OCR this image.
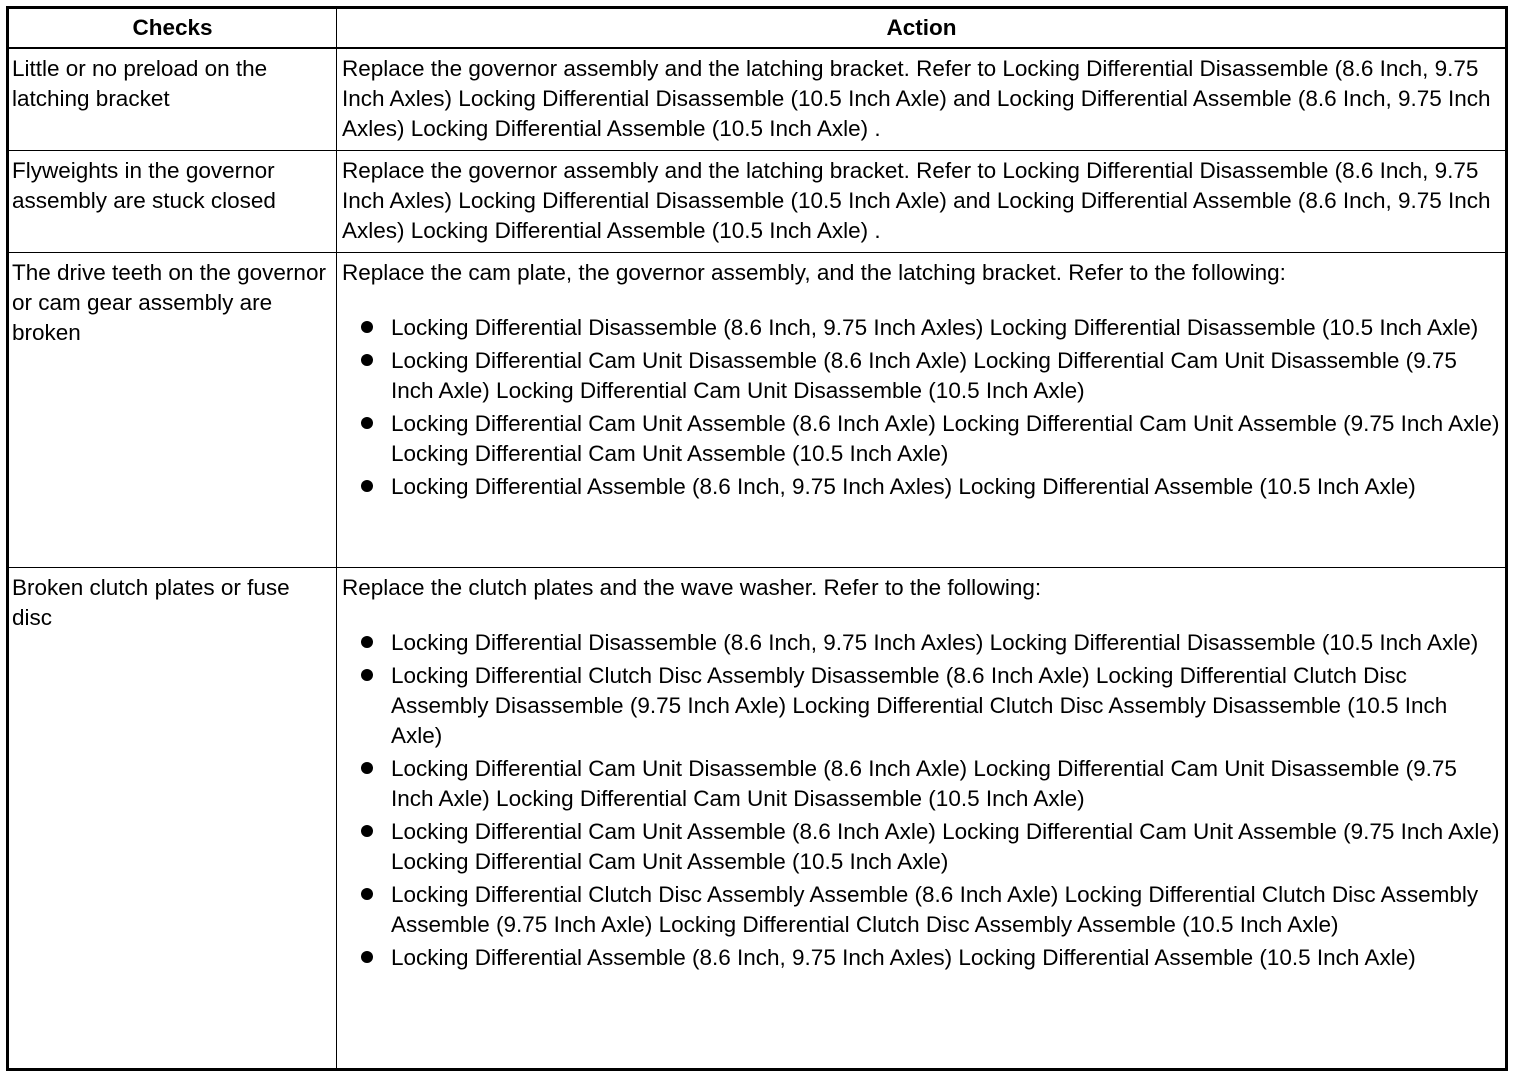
Checks	Action
Little or no preload on the latching bracket
Replace the governor assembly and the latching bracket. Refer to Locking Differential Disassemble (8.6 Inch, 9.75 Inch Axles) Locking Differential Disassemble (10.5 Inch Axle) and Locking Differential Assemble (8.6 Inch, 9.75 Inch Axles) Locking Differential Assemble (10.5 Inch Axle) .
Flyweights in the governor assembly are stuck closed
Replace the governor assembly and the latching bracket. Refer to Locking Differential Disassemble (8.6 Inch, 9.75 Inch Axles) Locking Differential Disassemble (10.5 Inch Axle) and Locking Differential Assemble (8.6 Inch, 9.75 Inch Axles) Locking Differential Assemble (10.5 Inch Axle) .
The drive teeth on the governor or cam gear assembly are broken

Replace the cam plate, the governor assembly, and the latching bracket. Refer to the following:

Locking Differential Disassemble (8.6 Inch, 9.75 Inch Axles) Locking Differential Disassemble (10.5 Inch Axle)
Locking Differential Cam Unit Disassemble (8.6 Inch Axle) Locking Differential Cam Unit Disassemble (9.75 Inch Axle) Locking Differential Cam Unit Disassemble (10.5 Inch Axle)
Locking Differential Cam Unit Assemble (8.6 Inch Axle) Locking Differential Cam Unit Assemble (9.75 Inch Axle) Locking Differential Cam Unit Assemble (10.5 Inch Axle)
Locking Differential Assemble (8.6 Inch, 9.75 Inch Axles) Locking Differential Assemble (10.5 Inch Axle)
Broken clutch plates or fuse disc

Replace the clutch plates and the wave washer. Refer to the following:

Locking Differential Disassemble (8.6 Inch, 9.75 Inch Axles) Locking Differential Disassemble (10.5 Inch Axle)
Locking Differential Clutch Disc Assembly Disassemble (8.6 Inch Axle) Locking Differential Clutch Disc Assembly Disassemble (9.75 Inch Axle) Locking Differential Clutch Disc Assembly Disassemble (10.5 Inch Axle)
Locking Differential Cam Unit Disassemble (8.6 Inch Axle) Locking Differential Cam Unit Disassemble (9.75 Inch Axle) Locking Differential Cam Unit Disassemble (10.5 Inch Axle)
Locking Differential Cam Unit Assemble (8.6 Inch Axle) Locking Differential Cam Unit Assemble (9.75 Inch Axle) Locking Differential Cam Unit Assemble (10.5 Inch Axle)
Locking Differential Clutch Disc Assembly Assemble (8.6 Inch Axle) Locking Differential Clutch Disc Assembly Assemble (9.75 Inch Axle) Locking Differential Clutch Disc Assembly Assemble (10.5 Inch Axle)
Locking Differential Assemble (8.6 Inch, 9.75 Inch Axles) Locking Differential Assemble (10.5 Inch Axle)
